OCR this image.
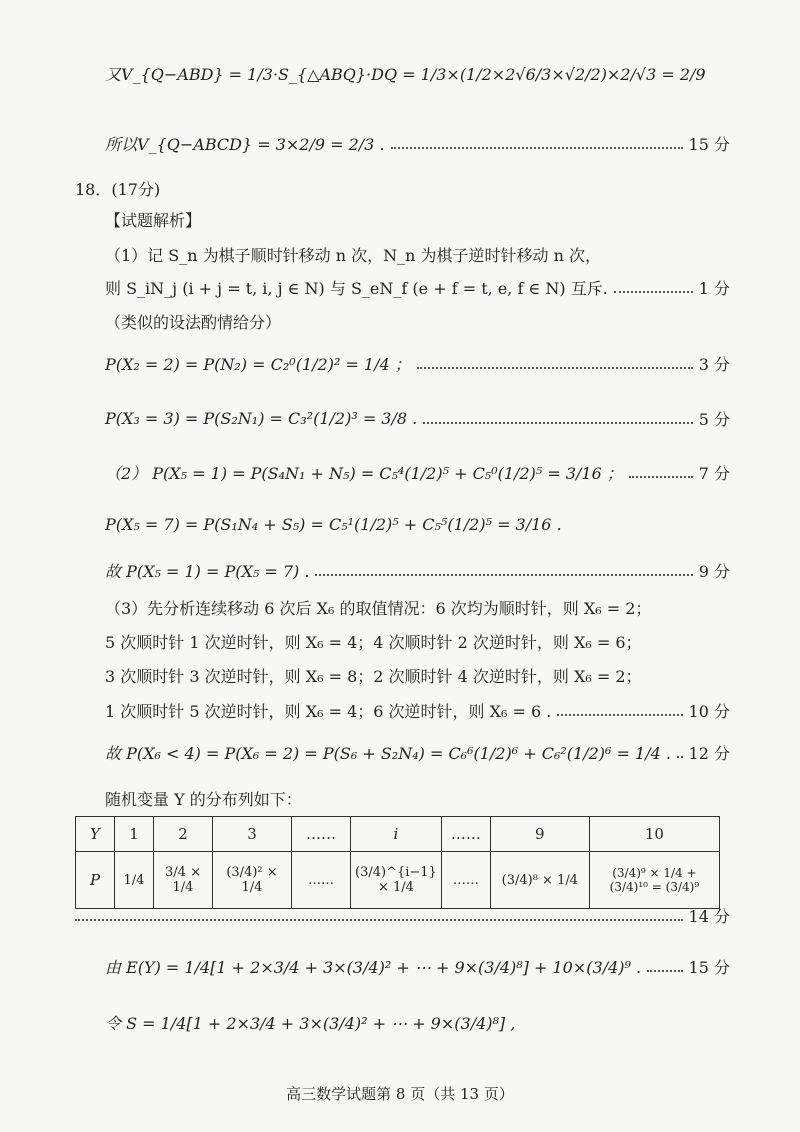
又V_{Q−ABD} = 1/3·S_{△ABQ}·DQ = 1/3×(1/2×2√6/3×√2/2)×2/√3 = 2/9
所以V_{Q−ABCD} = 3×2/9 = 2/3 .	15 分
18．(17分)
【试题解析】
（1）记 S_n 为棋子顺时针移动 n 次，N_n 为棋子逆时针移动 n 次，
则 S_iN_j (i + j = t, i, j ∈ N) 与 S_eN_f (e + f = t, e, f ∈ N) 互斥.	1 分
（类似的设法酌情给分）
P(X₂ = 2) = P(N₂) = C₂⁰(1/2)² = 1/4 ；	3 分
P(X₃ = 3) = P(S₂N₁) = C₃²(1/2)³ = 3/8 .	5 分
（2） P(X₅ = 1) = P(S₄N₁ + N₅) = C₅⁴(1/2)⁵ + C₅⁰(1/2)⁵ = 3/16 ；	7 分
P(X₅ = 7) = P(S₁N₄ + S₅) = C₅¹(1/2)⁵ + C₅⁵(1/2)⁵ = 3/16 .
故 P(X₅ = 1) = P(X₅ = 7) .	9 分
（3）先分析连续移动 6 次后 X₆ 的取值情况：6 次均为顺时针，则 X₆ = 2；
5 次顺时针 1 次逆时针，则 X₆ = 4；4 次顺时针 2 次逆时针，则 X₆ = 6；
3 次顺时针 3 次逆时针，则 X₆ = 8；2 次顺时针 4 次逆时针，则 X₆ = 2；
1 次顺时针 5 次逆时针，则 X₆ = 4；6 次逆时针，则 X₆ = 6 .	10 分
故 P(X₆ < 4) = P(X₆ = 2) = P(S₆ + S₂N₄) = C₆⁶(1/2)⁶ + C₆²(1/2)⁶ = 1/4 . 12 分
随机变量 Y 的分布列如下：
Y	1	2	3	……	i	……	9	10
P	1/4	3/4 × 1/4	(3/4)² × 1/4	……	(3/4)^{i−1} × 1/4	……	(3/4)⁸ × 1/4	(3/4)⁹ × 1/4 + (3/4)¹⁰ = (3/4)⁹
14 分
由 E(Y) = 1/4[1 + 2×3/4 + 3×(3/4)² + ⋯ + 9×(3/4)⁸] + 10×(3/4)⁹ .	15 分
令 S = 1/4[1 + 2×3/4 + 3×(3/4)² + ⋯ + 9×(3/4)⁸] ,
高三数学试题第 8 页（共 13 页）
